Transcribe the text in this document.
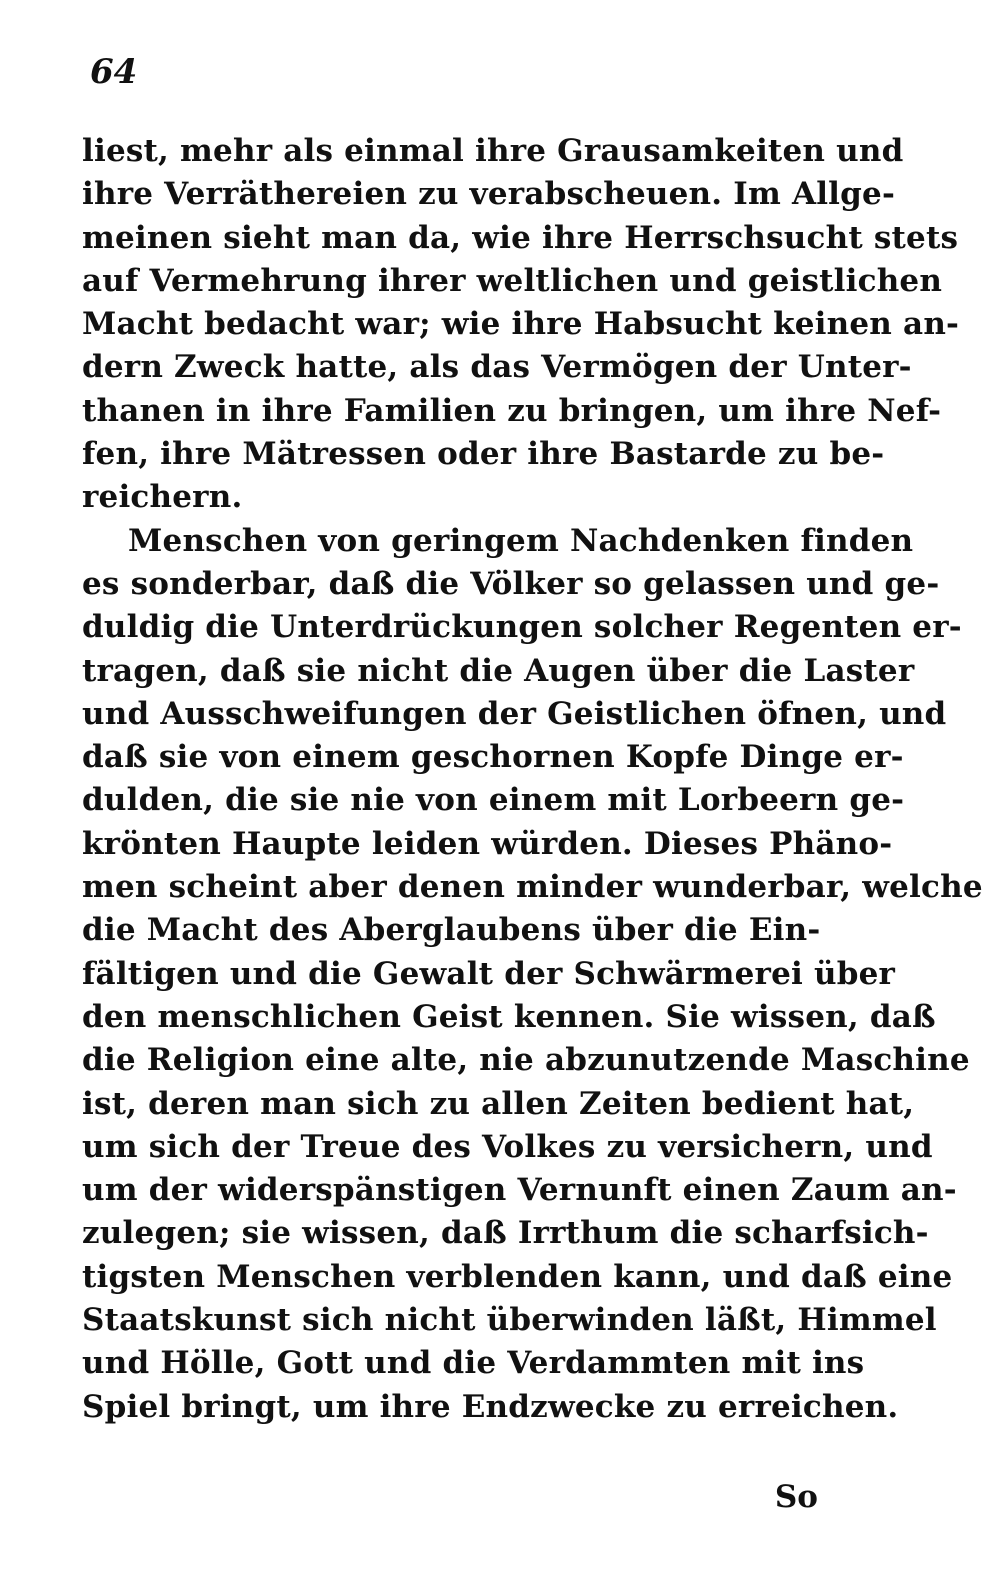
64
liest, mehr als einmal ihre Grausamkeiten und
ihre Verräthereien zu verabscheuen. Im Allge-
meinen sieht man da, wie ihre Herrschsucht stets
auf Vermehrung ihrer weltlichen und geistlichen
Macht bedacht war; wie ihre Habsucht keinen an-
dern Zweck hatte, als das Vermögen der Unter-
thanen in ihre Familien zu bringen, um ihre Nef-
fen, ihre Mätressen oder ihre Bastarde zu be-
reichern.
Menschen von geringem Nachdenken finden
es sonderbar, daß die Völker so gelassen und ge-
duldig die Unterdrückungen solcher Regenten er-
tragen, daß sie nicht die Augen über die Laster
und Ausschweifungen der Geistlichen öfnen, und
daß sie von einem geschornen Kopfe Dinge er-
dulden, die sie nie von einem mit Lorbeern ge-
krönten Haupte leiden würden. Dieses Phäno-
men scheint aber denen minder wunderbar, welche
die Macht des Aberglaubens über die Ein-
fältigen und die Gewalt der Schwärmerei über
den menschlichen Geist kennen. Sie wissen, daß
die Religion eine alte, nie abzunutzende Maschine
ist, deren man sich zu allen Zeiten bedient hat,
um sich der Treue des Volkes zu versichern, und
um der widerspänstigen Vernunft einen Zaum an-
zulegen; sie wissen, daß Irrthum die scharfsich-
tigsten Menschen verblenden kann, und daß eine
Staatskunst sich nicht überwinden läßt, Himmel
und Hölle, Gott und die Verdammten mit ins
Spiel bringt, um ihre Endzwecke zu erreichen.
So
